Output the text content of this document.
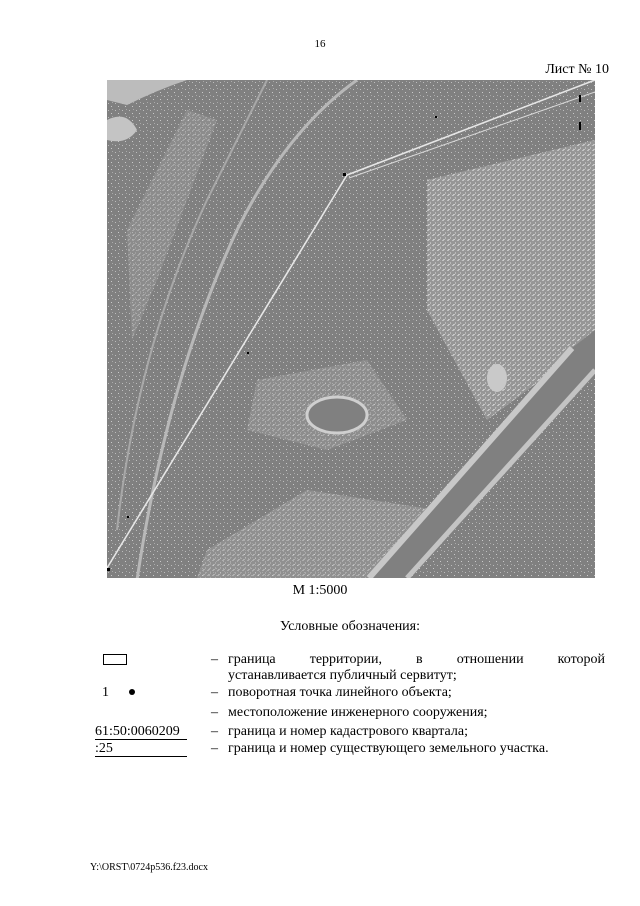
16
Лист № 10
М 1:5000
Условные обозначения:
– граница территории, в отношении которой
устанавливается публичный сервитут;
1	– поворотная точка линейного объекта;
– местоположение инженерного сооружения;
61:50:0060209	– граница и номер кадастрового квартала;
:25	– граница и номер существующего земельного участка.
Y:\ORST\0724p536.f23.docx
